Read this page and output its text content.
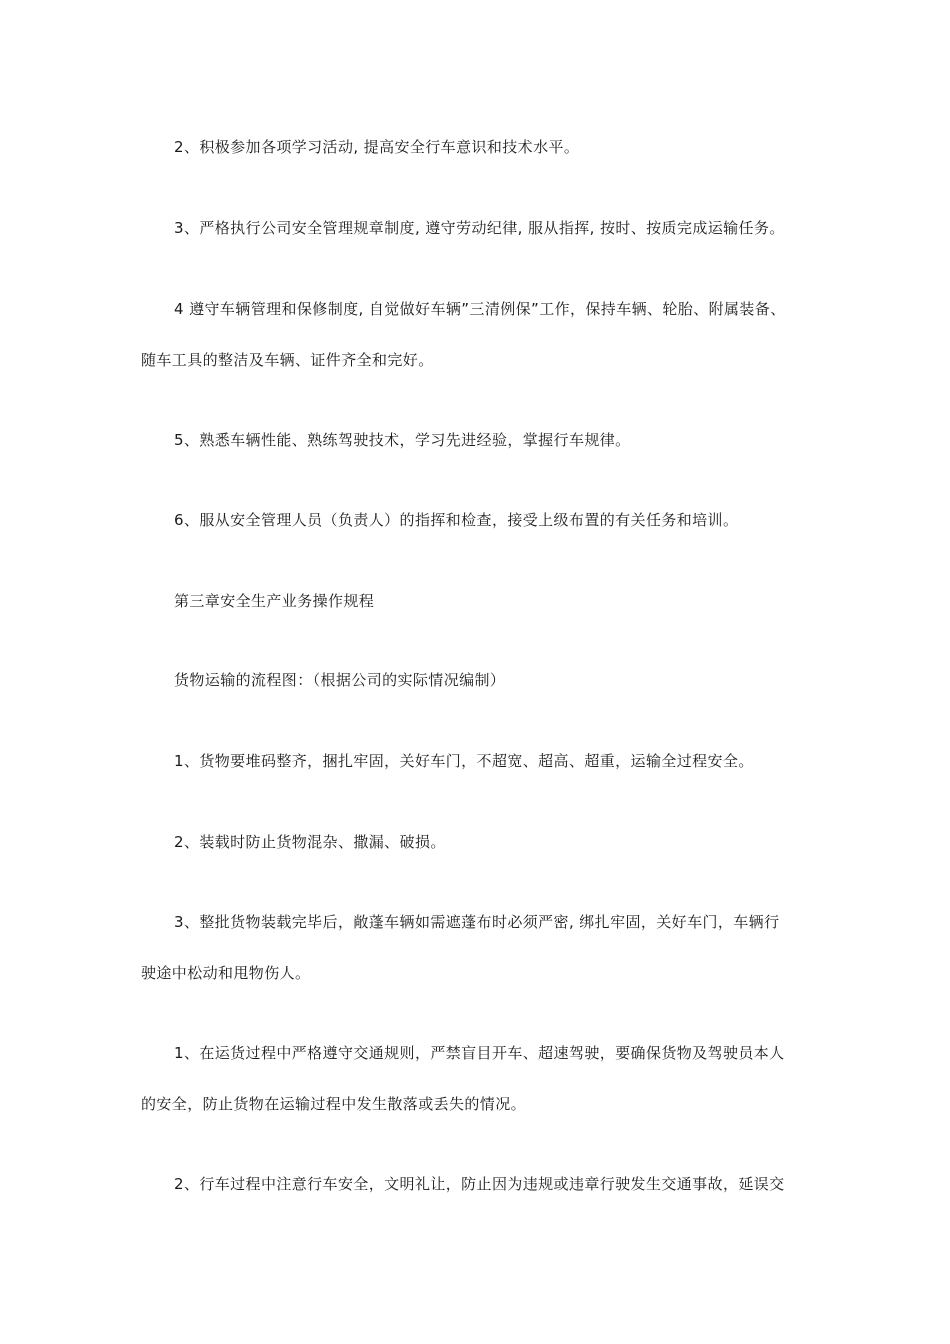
2、积极参加各项学习活动, 提高安全行车意识和技术水平。
3、严格执行公司安全管理规章制度, 遵守劳动纪律, 服从指挥, 按时、按质完成运输任务。
4 遵守车辆管理和保修制度, 自觉做好车辆”三清例保”工作，保持车辆、轮胎、附属装备、
随车工具的整洁及车辆、证件齐全和完好。
5、熟悉车辆性能、熟练驾驶技术，学习先进经验，掌握行车规律。
6、服从安全管理人员（负责人）的指挥和检查，接受上级布置的有关任务和培训。
第三章安全生产业务操作规程
货物运输的流程图：（根据公司的实际情况编制）
1、货物要堆码整齐，捆扎牢固，关好车门，不超宽、超高、超重，运输全过程安全。
2、装载时防止货物混杂、撒漏、破损。
3、整批货物装载完毕后，敞蓬车辆如需遮蓬布时必须严密, 绑扎牢固，关好车门，车辆行
驶途中松动和甩物伤人。
1、在运货过程中严格遵守交通规则，严禁盲目开车、超速驾驶，要确保货物及驾驶员本人
的安全，防止货物在运输过程中发生散落或丢失的情况。
2、行车过程中注意行车安全，文明礼让，防止因为违规或违章行驶发生交通事故，延误交
